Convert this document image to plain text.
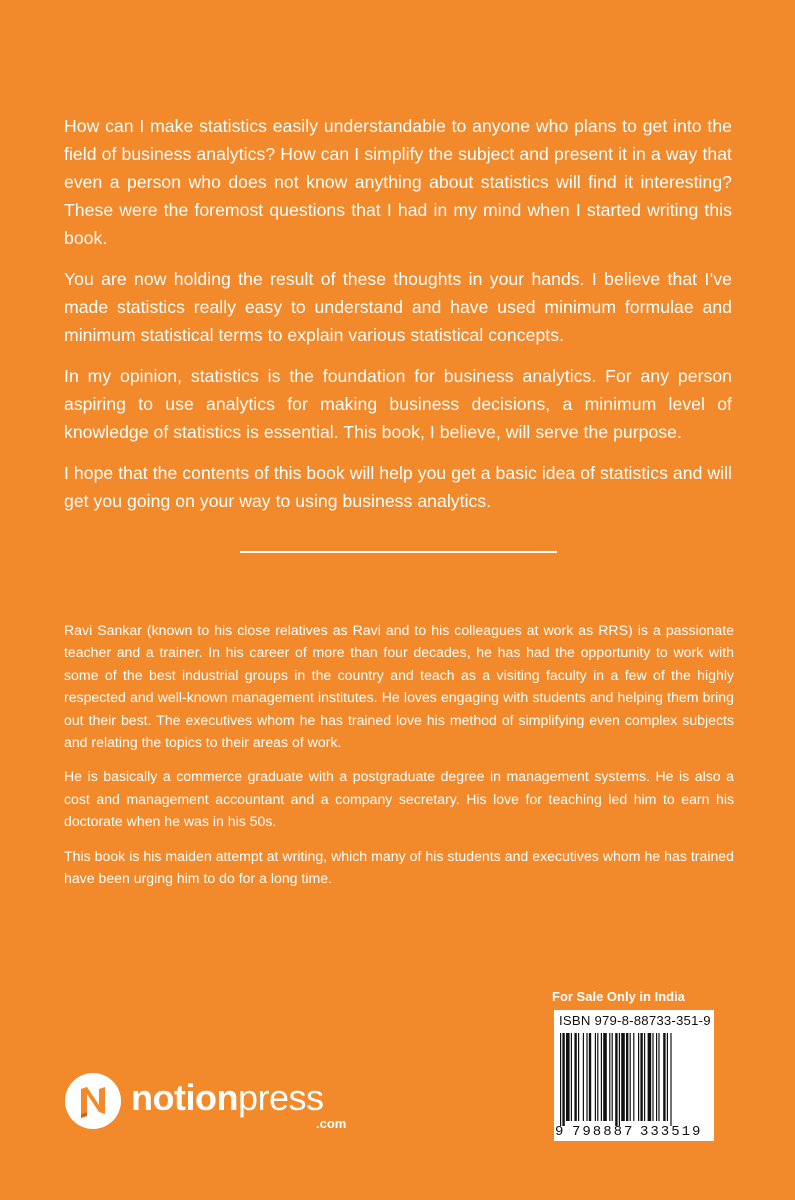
How can I make statistics easily understandable to anyone who plans to get into the field of business analytics? How can I simplify the subject and present it in a way that even a person who does not know anything about statistics will find it interesting? These were the foremost questions that I had in my mind when I started writing this book.

You are now holding the result of these thoughts in your hands. I believe that I’ve made statistics really easy to understand and have used minimum formulae and minimum statistical terms to explain various statistical concepts.

In my opinion, statistics is the foundation for business analytics. For any person aspiring to use analytics for making business decisions, a minimum level of knowledge of statistics is essential. This book, I believe, will serve the purpose.

I hope that the contents of this book will help you get a basic idea of statistics and will get you going on your way to using business analytics.

Ravi Sankar (known to his close relatives as Ravi and to his colleagues at work as RRS) is a passionate teacher and a trainer. In his career of more than four decades, he has had the opportunity to work with some of the best industrial groups in the country and teach as a visiting faculty in a few of the highly respected and well-known management institutes. He loves engaging with students and helping them bring out their best. The executives whom he has trained love his method of simplifying even complex subjects and relating the topics to their areas of work.

He is basically a commerce graduate with a postgraduate degree in management systems. He is also a cost and management accountant and a company secretary. His love for teaching led him to earn his doctorate when he was in his 50s.

This book is his maiden attempt at writing, which many of his students and executives whom he has trained have been urging him to do for a long time.

For Sale Only in India
ISBN 979-8-88733-351-9
9 798887 333519
notionpress
.com
